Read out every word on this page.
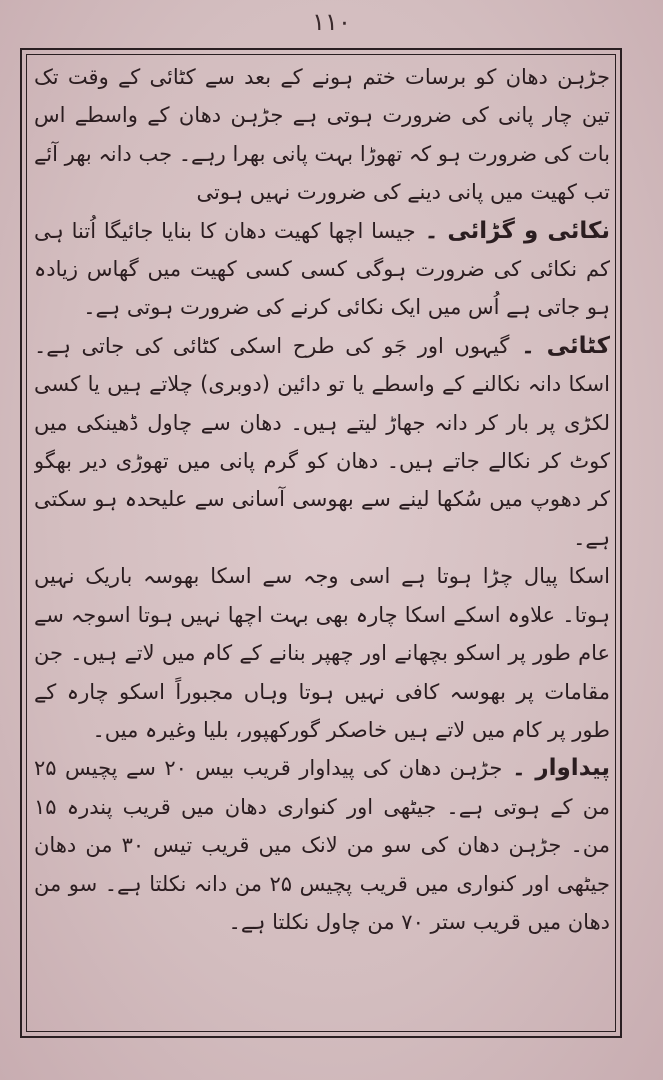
۱۱۰

جڑہن دھان کو برسات ختم ہونے کے بعد سے کٹائی کے وقت تک تین چار پانی کی ضرورت ہوتی ہے جڑہن دھان کے واسطے اس بات کی ضرورت ہو کہ تھوڑا بہت پانی بھرا رہے۔ جب دانہ بھر آئے تب کھیت میں پانی دینے کی ضرورت نہیں ہوتی

نکائی و گڑائی ۔ جیسا اچھا کھیت دھان کا بنایا جائیگا اُتنا ہی کم نکائی کی ضرورت ہوگی کسی کسی کھیت میں گھاس زیادہ ہو جاتی ہے اُس میں ایک نکائی کرنے کی ضرورت ہوتی ہے۔

کٹائی ۔ گیہوں اور جَو کی طرح اسکی کٹائی کی جاتی ہے۔ اسکا دانہ نکالنے کے واسطے یا تو دائین (دوبری) چلاتے ہیں یا کسی لکڑی پر بار کر دانہ جھاڑ لیتے ہیں۔ دھان سے چاول ڈھینکی میں کوٹ کر نکالے جاتے ہیں۔ دھان کو گرم پانی میں تھوڑی دیر بھگو کر دھوپ میں سُکھا لینے سے بھوسی آسانی سے علیحدہ ہو سکتی ہے۔

اسکا پیال چڑا ہوتا ہے اسی وجہ سے اسکا بھوسہ باریک نہیں ہوتا۔ علاوہ اسکے اسکا چارہ بھی بہت اچھا نہیں ہوتا اسوجہ سے عام طور پر اسکو بچھانے اور چھپر بنانے کے کام میں لاتے ہیں۔ جن مقامات پر بھوسہ کافی نہیں ہوتا وہاں مجبوراً اسکو چارہ کے طور پر کام میں لاتے ہیں خاصکر گورکھپور، بلیا وغیرہ میں۔

پیداوار ۔ جڑہن دھان کی پیداوار قریب بیس ۲۰ سے پچیس ۲۵ من کے ہوتی ہے۔ جیٹھی اور کنواری دھان میں قریب پندرہ ۱۵ من۔ جڑہن دھان کی سو من لانک میں قریب تیس ۳۰ من دھان جیٹھی اور کنواری میں قریب پچیس ۲۵ من دانہ نکلتا ہے۔ سو من دھان میں قریب ستر ۷۰ من چاول نکلتا ہے۔
